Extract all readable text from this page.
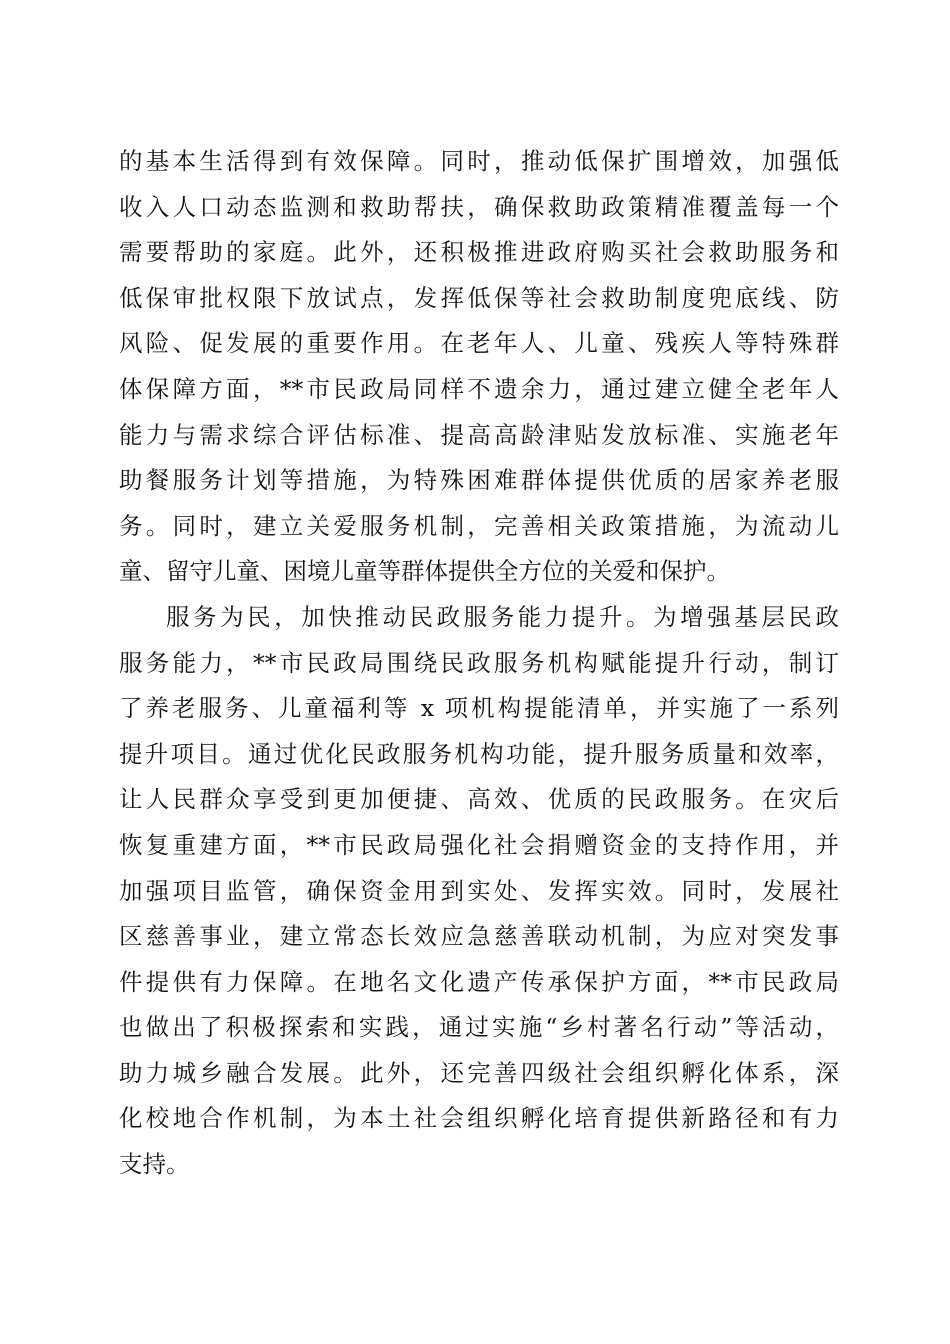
的基本生活得到有效保障。同时，推动低保扩围增效，加强低
收入人口动态监测和救助帮扶，确保救助政策精准覆盖每一个
需要帮助的家庭。此外，还积极推进政府购买社会救助服务和
低保审批权限下放试点，发挥低保等社会救助制度兜底线、防
风险、促发展的重要作用。在老年人、儿童、残疾人等特殊群
体保障方面，**市民政局同样不遗余力，通过建立健全老年人
能力与需求综合评估标准、提高高龄津贴发放标准、实施老年
助餐服务计划等措施，为特殊困难群体提供优质的居家养老服
务。同时，建立关爱服务机制，完善相关政策措施，为流动儿
童、留守儿童、困境儿童等群体提供全方位的关爱和保护。
服务为民，加快推动民政服务能力提升。为增强基层民政
服务能力，**市民政局围绕民政服务机构赋能提升行动，制订
了养老服务、儿童福利等 x 项机构提能清单，并实施了一系列
提升项目。通过优化民政服务机构功能，提升服务质量和效率，
让人民群众享受到更加便捷、高效、优质的民政服务。在灾后
恢复重建方面，**市民政局强化社会捐赠资金的支持作用，并
加强项目监管，确保资金用到实处、发挥实效。同时，发展社
区慈善事业，建立常态长效应急慈善联动机制，为应对突发事
件提供有力保障。在地名文化遗产传承保护方面，**市民政局
也做出了积极探索和实践，通过实施“乡村著名行动”等活动，
助力城乡融合发展。此外，还完善四级社会组织孵化体系，深
化校地合作机制，为本土社会组织孵化培育提供新路径和有力
支持。
